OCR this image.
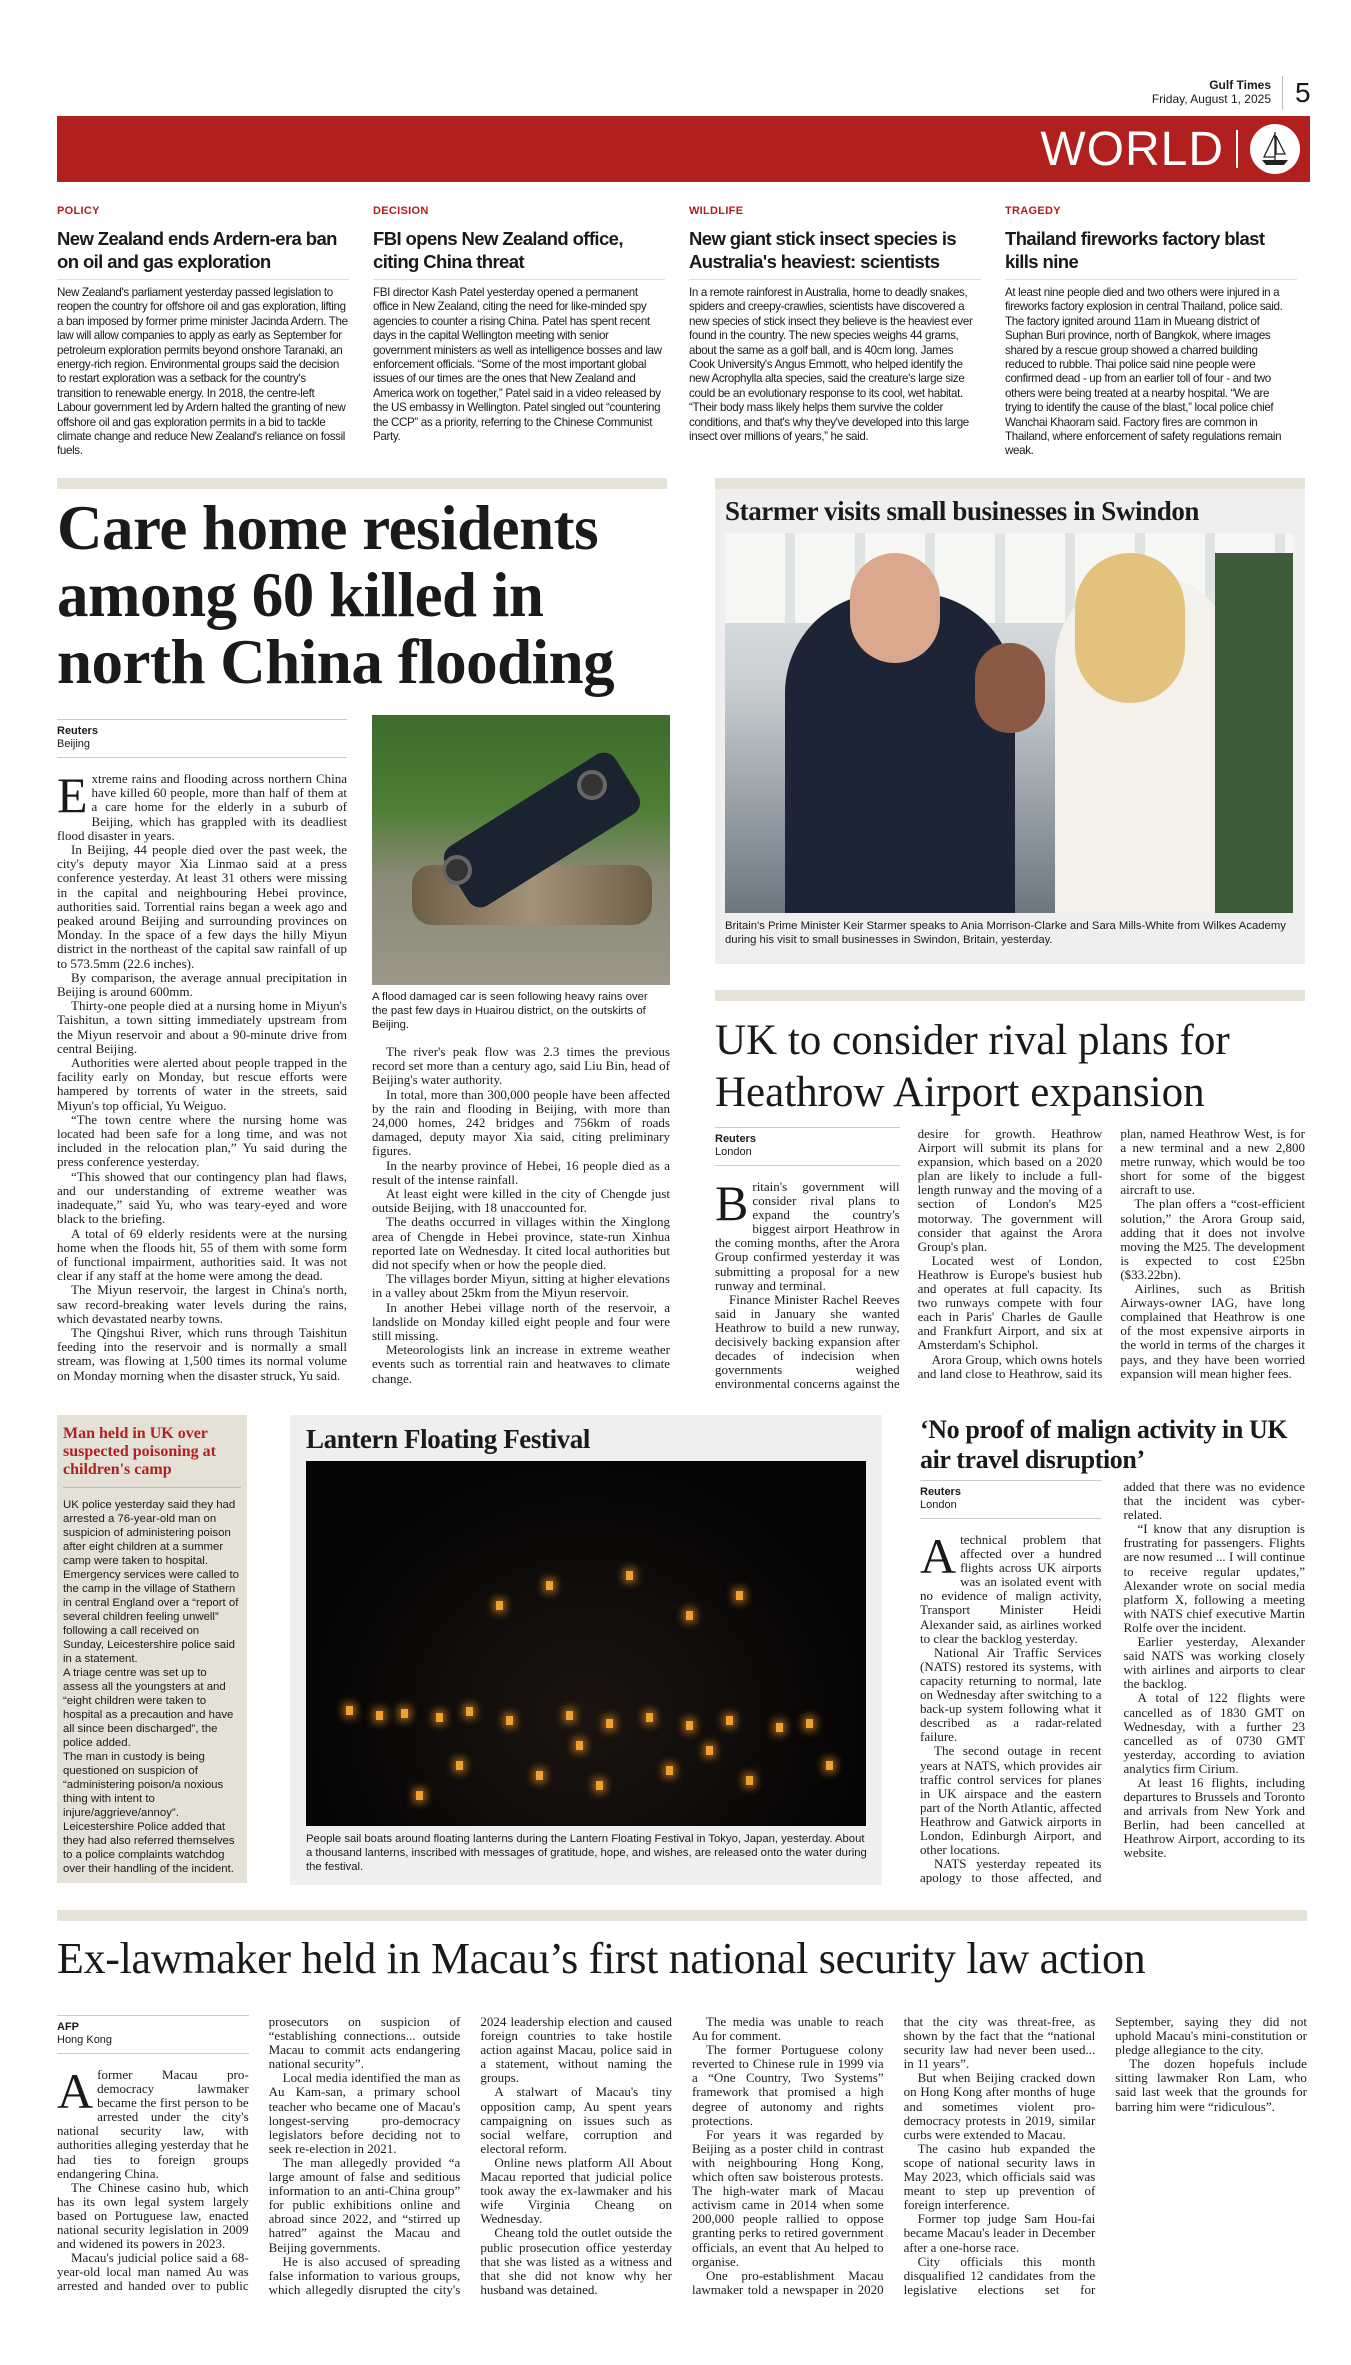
Gulf Times
Friday, August 1, 2025 5
WORLD
POLICY
New Zealand ends Ardern-era ban on oil and gas exploration

New Zealand's parliament yesterday passed legislation to reopen the country for offshore oil and gas exploration, lifting a ban imposed by former prime minister Jacinda Ardern. The law will allow companies to apply as early as September for petroleum exploration permits beyond onshore Taranaki, an energy-rich region. Environmental groups said the decision to restart exploration was a setback for the country's transition to renewable energy. In 2018, the centre-left Labour government led by Ardern halted the granting of new offshore oil and gas exploration permits in a bid to tackle climate change and reduce New Zealand's reliance on fossil fuels.

DECISION
FBI opens New Zealand office, citing China threat

FBI director Kash Patel yesterday opened a permanent office in New Zealand, citing the need for like-minded spy agencies to counter a rising China. Patel has spent recent days in the capital Wellington meeting with senior government ministers as well as intelligence bosses and law enforcement officials. “Some of the most important global issues of our times are the ones that New Zealand and America work on together,” Patel said in a video released by the US embassy in Wellington. Patel singled out “countering the CCP” as a priority, referring to the Chinese Communist Party.

WILDLIFE
New giant stick insect species is Australia's heaviest: scientists

In a remote rainforest in Australia, home to deadly snakes, spiders and creepy-crawlies, scientists have discovered a new species of stick insect they believe is the heaviest ever found in the country. The new species weighs 44 grams, about the same as a golf ball, and is 40cm long. James Cook University's Angus Emmott, who helped identify the new Acrophylla alta species, said the creature's large size could be an evolutionary response to its cool, wet habitat. “Their body mass likely helps them survive the colder conditions, and that's why they've developed into this large insect over millions of years,” he said.

TRAGEDY
Thailand fireworks factory blast kills nine

At least nine people died and two others were injured in a fireworks factory explosion in central Thailand, police said. The factory ignited around 11am in Mueang district of Suphan Buri province, north of Bangkok, where images shared by a rescue group showed a charred building reduced to rubble. Thai police said nine people were confirmed dead - up from an earlier toll of four - and two others were being treated at a nearby hospital. “We are trying to identify the cause of the blast,” local police chief Wanchai Khaoram said. Factory fires are common in Thailand, where enforcement of safety regulations remain weak.

Care home residents among 60 killed in north China flooding
Reuters
Beijing

Extreme rains and flooding across northern China have killed 60 people, more than half of them at a care home for the elderly in a suburb of Beijing, which has grappled with its deadliest flood disaster in years.

In Beijing, 44 people died over the past week, the city's deputy mayor Xia Linmao said at a press conference yesterday. At least 31 others were missing in the capital and neighbouring Hebei province, authorities said. Torrential rains began a week ago and peaked around Beijing and surrounding provinces on Monday. In the space of a few days the hilly Miyun district in the northeast of the capital saw rainfall of up to 573.5mm (22.6 inches).

By comparison, the average annual precipitation in Beijing is around 600mm.

Thirty-one people died at a nursing home in Miyun's Taishitun, a town sitting immediately upstream from the Miyun reservoir and about a 90-minute drive from central Beijing.

Authorities were alerted about people trapped in the facility early on Monday, but rescue efforts were hampered by torrents of water in the streets, said Miyun's top official, Yu Weiguo.

“The town centre where the nursing home was located had been safe for a long time, and was not included in the relocation plan,” Yu said during the press conference yesterday.

“This showed that our contingency plan had flaws, and our understanding of extreme weather was inadequate,” said Yu, who was teary-eyed and wore black to the briefing.

A total of 69 elderly residents were at the nursing home when the floods hit, 55 of them with some form of functional impairment, authorities said. It was not clear if any staff at the home were among the dead.

The Miyun reservoir, the largest in China's north, saw record-breaking water levels during the rains, which devastated nearby towns.

The Qingshui River, which runs through Taishitun feeding into the reservoir and is normally a small stream, was flowing at 1,500 times its normal volume on Monday morning when the disaster struck, Yu said.

A flood damaged car is seen following heavy rains over the past few days in Huairou district, on the outskirts of Beijing.

The river's peak flow was 2.3 times the previous record set more than a century ago, said Liu Bin, head of Beijing's water authority.

In total, more than 300,000 people have been affected by the rain and flooding in Beijing, with more than 24,000 homes, 242 bridges and 756km of roads damaged, deputy mayor Xia said, citing preliminary figures.

In the nearby province of Hebei, 16 people died as a result of the intense rainfall.

At least eight were killed in the city of Chengde just outside Beijing, with 18 unaccounted for.

The deaths occurred in villages within the Xinglong area of Chengde in Hebei province, state-run Xinhua reported late on Wednesday. It cited local authorities but did not specify when or how the people died.

The villages border Miyun, sitting at higher elevations in a valley about 25km from the Miyun reservoir.

In another Hebei village north of the reservoir, a landslide on Monday killed eight people and four were still missing.

Meteorologists link an increase in extreme weather events such as torrential rain and heatwaves to climate change.

Starmer visits small businesses in Swindon

Britain's Prime Minister Keir Starmer speaks to Ania Morrison-Clarke and Sara Mills-White from Wilkes Academy during his visit to small businesses in Swindon, Britain, yesterday.

UK to consider rival plans for Heathrow Airport expansion
Reuters
London

Britain's government will consider rival plans to expand the country's biggest airport Heathrow in the coming months, after the Arora Group confirmed yesterday it was submitting a proposal for a new runway and terminal.

Finance Minister Rachel Reeves said in January she wanted Heathrow to build a new runway, decisively backing expansion after decades of indecision when governments weighed environmental concerns against the desire for growth. Heathrow Airport will submit its plans for expansion, which based on a 2020 plan are likely to include a full-length runway and the moving of a section of London's M25 motorway. The government will consider that against the Arora Group's plan.

Located west of London, Heathrow is Europe's busiest hub and operates at full capacity. Its two runways compete with four each in Paris' Charles de Gaulle and Frankfurt Airport, and six at Amsterdam's Schiphol.

Arora Group, which owns hotels and land close to Heathrow, said its plan, named Heathrow West, is for a new terminal and a new 2,800 metre runway, which would be too short for some of the biggest aircraft to use.

The plan offers a “cost-efficient solution,” the Arora Group said, adding that it does not involve moving the M25. The development is expected to cost £25bn ($33.22bn).

Airlines, such as British Airways-owner IAG, have long complained that Heathrow is one of the most expensive airports in the world in terms of the charges it pays, and they have been worried expansion will mean higher fees.

Man held in UK over suspected poisoning at children's camp

UK police yesterday said they had arrested a 76-year-old man on suspicion of administering poison after eight children at a summer camp were taken to hospital. Emergency services were called to the camp in the village of Stathern in central England over a “report of several children feeling unwell” following a call received on Sunday, Leicestershire police said in a statement.

A triage centre was set up to assess all the youngsters at and “eight children were taken to hospital as a precaution and have all since been discharged”, the police added.

The man in custody is being questioned on suspicion of “administering poison/a noxious thing with intent to injure/aggrieve/annoy”. Leicestershire Police added that they had also referred themselves to a police complaints watchdog over their handling of the incident.

Lantern Floating Festival

People sail boats around floating lanterns during the Lantern Floating Festival in Tokyo, Japan, yesterday. About a thousand lanterns, inscribed with messages of gratitude, hope, and wishes, are released onto the water during the festival.

‘No proof of malign activity in UK air travel disruption’
Reuters
London

Atechnical problem that affected over a hundred flights across UK airports was an isolated event with no evidence of malign activity, Transport Minister Heidi Alexander said, as airlines worked to clear the backlog yesterday.

National Air Traffic Services (NATS) restored its systems, with capacity returning to normal, late on Wednesday after switching to a back-up system following what it described as a radar-related failure.

The second outage in recent years at NATS, which provides air traffic control services for planes in UK airspace and the eastern part of the North Atlantic, affected Heathrow and Gatwick airports in London, Edinburgh Airport, and other locations.

NATS yesterday repeated its apology to those affected, and added that there was no evidence that the incident was cyber-related.

“I know that any disruption is frustrating for passengers. Flights are now resumed ... I will continue to receive regular updates,” Alexander wrote on social media platform X, following a meeting with NATS chief executive Martin Rolfe over the incident.

Earlier yesterday, Alexander said NATS was working closely with airlines and airports to clear the backlog.

A total of 122 flights were cancelled as of 1830 GMT on Wednesday, with a further 23 cancelled as of 0730 GMT yesterday, according to aviation analytics firm Cirium.

At least 16 flights, including departures to Brussels and Toronto and arrivals from New York and Berlin, had been cancelled at Heathrow Airport, according to its website.

Ex-lawmaker held in Macau’s first national security law action
AFP
Hong Kong

Aformer Macau pro-democracy lawmaker became the first person to be arrested under the city's national security law, with authorities alleging yesterday that he had ties to foreign groups endangering China.

The Chinese casino hub, which has its own legal system largely based on Portuguese law, enacted national security legislation in 2009 and widened its powers in 2023.

Macau's judicial police said a 68-year-old local man named Au was arrested and handed over to public prosecutors on suspicion of “establishing connections... outside Macau to commit acts endangering national security”.

Local media identified the man as Au Kam-san, a primary school teacher who became one of Macau's longest-serving pro-democracy legislators before deciding not to seek re-election in 2021.

The man allegedly provided “a large amount of false and seditious information to an anti-China group” for public exhibitions online and abroad since 2022, and “stirred up hatred” against the Macau and Beijing governments.

He is also accused of spreading false information to various groups, which allegedly disrupted the city's 2024 leadership election and caused foreign countries to take hostile action against Macau, police said in a statement, without naming the groups.

A stalwart of Macau's tiny opposition camp, Au spent years campaigning on issues such as social welfare, corruption and electoral reform.

Online news platform All About Macau reported that judicial police took away the ex-lawmaker and his wife Virginia Cheang on Wednesday.

Cheang told the outlet outside the public prosecution office yesterday that she was listed as a witness and that she did not know why her husband was detained.

The media was unable to reach Au for comment.

The former Portuguese colony reverted to Chinese rule in 1999 via a “One Country, Two Systems” framework that promised a high degree of autonomy and rights protections.

For years it was regarded by Beijing as a poster child in contrast with neighbouring Hong Kong, which often saw boisterous protests. The high-water mark of Macau activism came in 2014 when some 200,000 people rallied to oppose granting perks to retired government officials, an event that Au helped to organise.

One pro-establishment Macau lawmaker told a newspaper in 2020 that the city was threat-free, as shown by the fact that the “national security law had never been used... in 11 years”.

But when Beijing cracked down on Hong Kong after months of huge and sometimes violent pro-democracy protests in 2019, similar curbs were extended to Macau.

The casino hub expanded the scope of national security laws in May 2023, which officials said was meant to step up prevention of foreign interference.

Former top judge Sam Hou-fai became Macau's leader in December after a one-horse race.

City officials this month disqualified 12 candidates from the legislative elections set for September, saying they did not uphold Macau's mini-constitution or pledge allegiance to the city.

The dozen hopefuls include sitting lawmaker Ron Lam, who said last week that the grounds for barring him were “ridiculous”.
